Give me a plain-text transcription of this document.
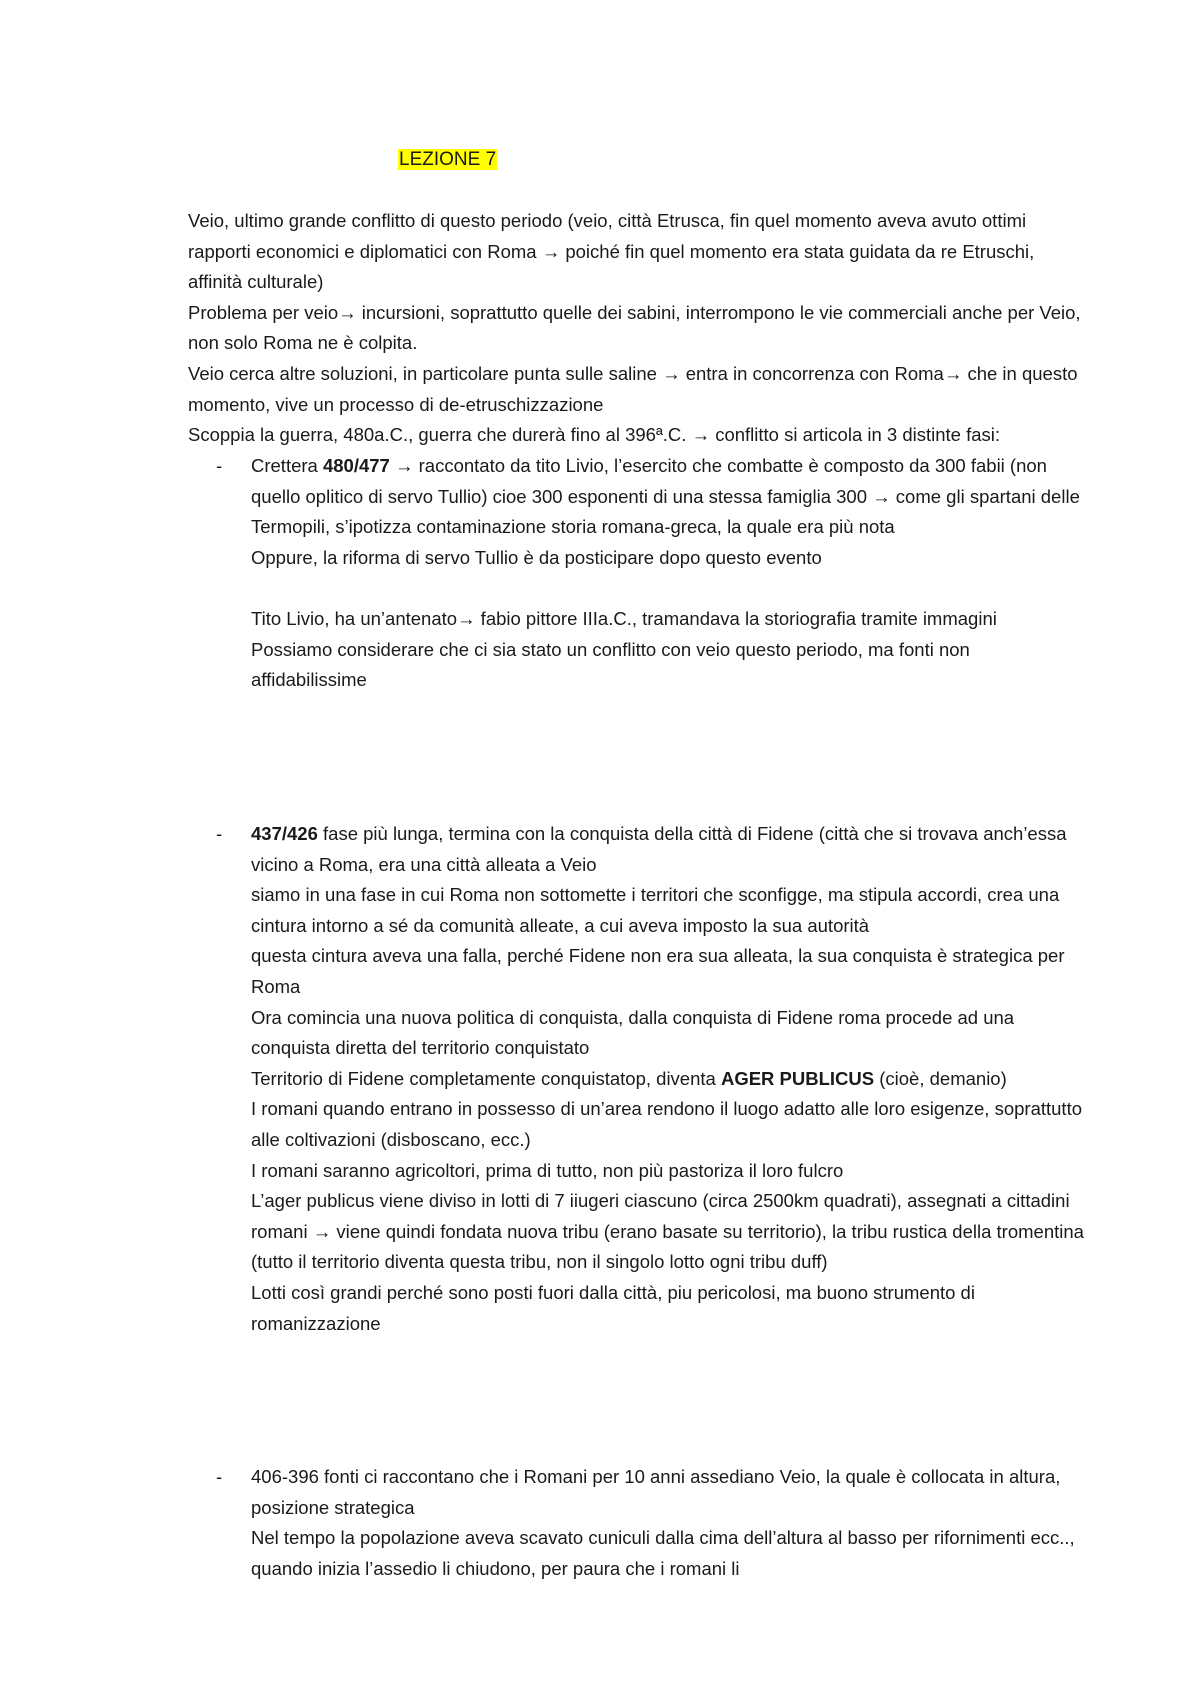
LEZIONE 7

Veio, ultimo grande conflitto di questo periodo (veio, città Etrusca, fin quel momento aveva avuto ottimi rapporti economici e diplomatici con Roma → poiché fin quel momento era stata guidata da re Etruschi, affinità culturale)

Problema per veio→ incursioni, soprattutto quelle dei sabini, interrompono le vie commerciali anche per Veio, non solo Roma ne è colpita.

Veio cerca altre soluzioni, in particolare punta sulle saline → entra in concorrenza con Roma→ che in questo momento, vive un processo di de-etruschizzazione

Scoppia la guerra, 480a.C., guerra che durerà fino al 396ª.C. → conflitto si articola in 3 distinte fasi:

-	Crettera 480/477 → raccontato da tito Livio, l’esercito che combatte è composto da 300 fabii (non quello oplitico di servo Tullio) cioe 300 esponenti di una stessa famiglia 300 → come gli spartani delle Termopili, s’ipotizza contaminazione storia romana-greca, la quale era più nota

Oppure, la riforma di servo Tullio è da posticipare dopo questo evento

Tito Livio, ha un’antenato→ fabio pittore IIIa.C., tramandava la storiografia tramite immagini

Possiamo considerare che ci sia stato un conflitto con veio questo periodo, ma fonti non affidabilissime

-	437/426 fase più lunga, termina con la conquista della città di Fidene (città che si trovava anch’essa vicino a Roma, era una città alleata a Veio

siamo in una fase in cui Roma non sottomette i territori che sconfigge, ma stipula accordi, crea una cintura intorno a sé da comunità alleate, a cui aveva imposto la sua autorità

questa cintura aveva una falla, perché Fidene non era sua alleata, la sua conquista è strategica per Roma

Ora comincia una nuova politica di conquista, dalla conquista di Fidene roma procede ad una conquista diretta del territorio conquistato

Territorio di Fidene completamente conquistatop, diventa AGER PUBLICUS (cioè, demanio)

I romani quando entrano in possesso di un’area rendono il luogo adatto alle loro esigenze, soprattutto alle coltivazioni (disboscano, ecc.)

I romani saranno agricoltori, prima di tutto, non più pastoriza il loro fulcro

L’ager publicus viene diviso in lotti di 7 iiugeri ciascuno (circa 2500km quadrati), assegnati a cittadini romani → viene quindi fondata nuova tribu (erano basate su territorio), la tribu rustica della tromentina (tutto il territorio diventa questa tribu, non il singolo lotto ogni tribu duff)

Lotti così grandi perché sono posti fuori dalla città, piu pericolosi, ma buono strumento di romanizzazione

-	406-396 fonti ci raccontano che i Romani per 10 anni assediano Veio, la quale è collocata in altura, posizione strategica

Nel tempo la popolazione aveva scavato cuniculi dalla cima dell’altura al basso per rifornimenti ecc.., quando inizia l’assedio li chiudono, per paura che i romani li
